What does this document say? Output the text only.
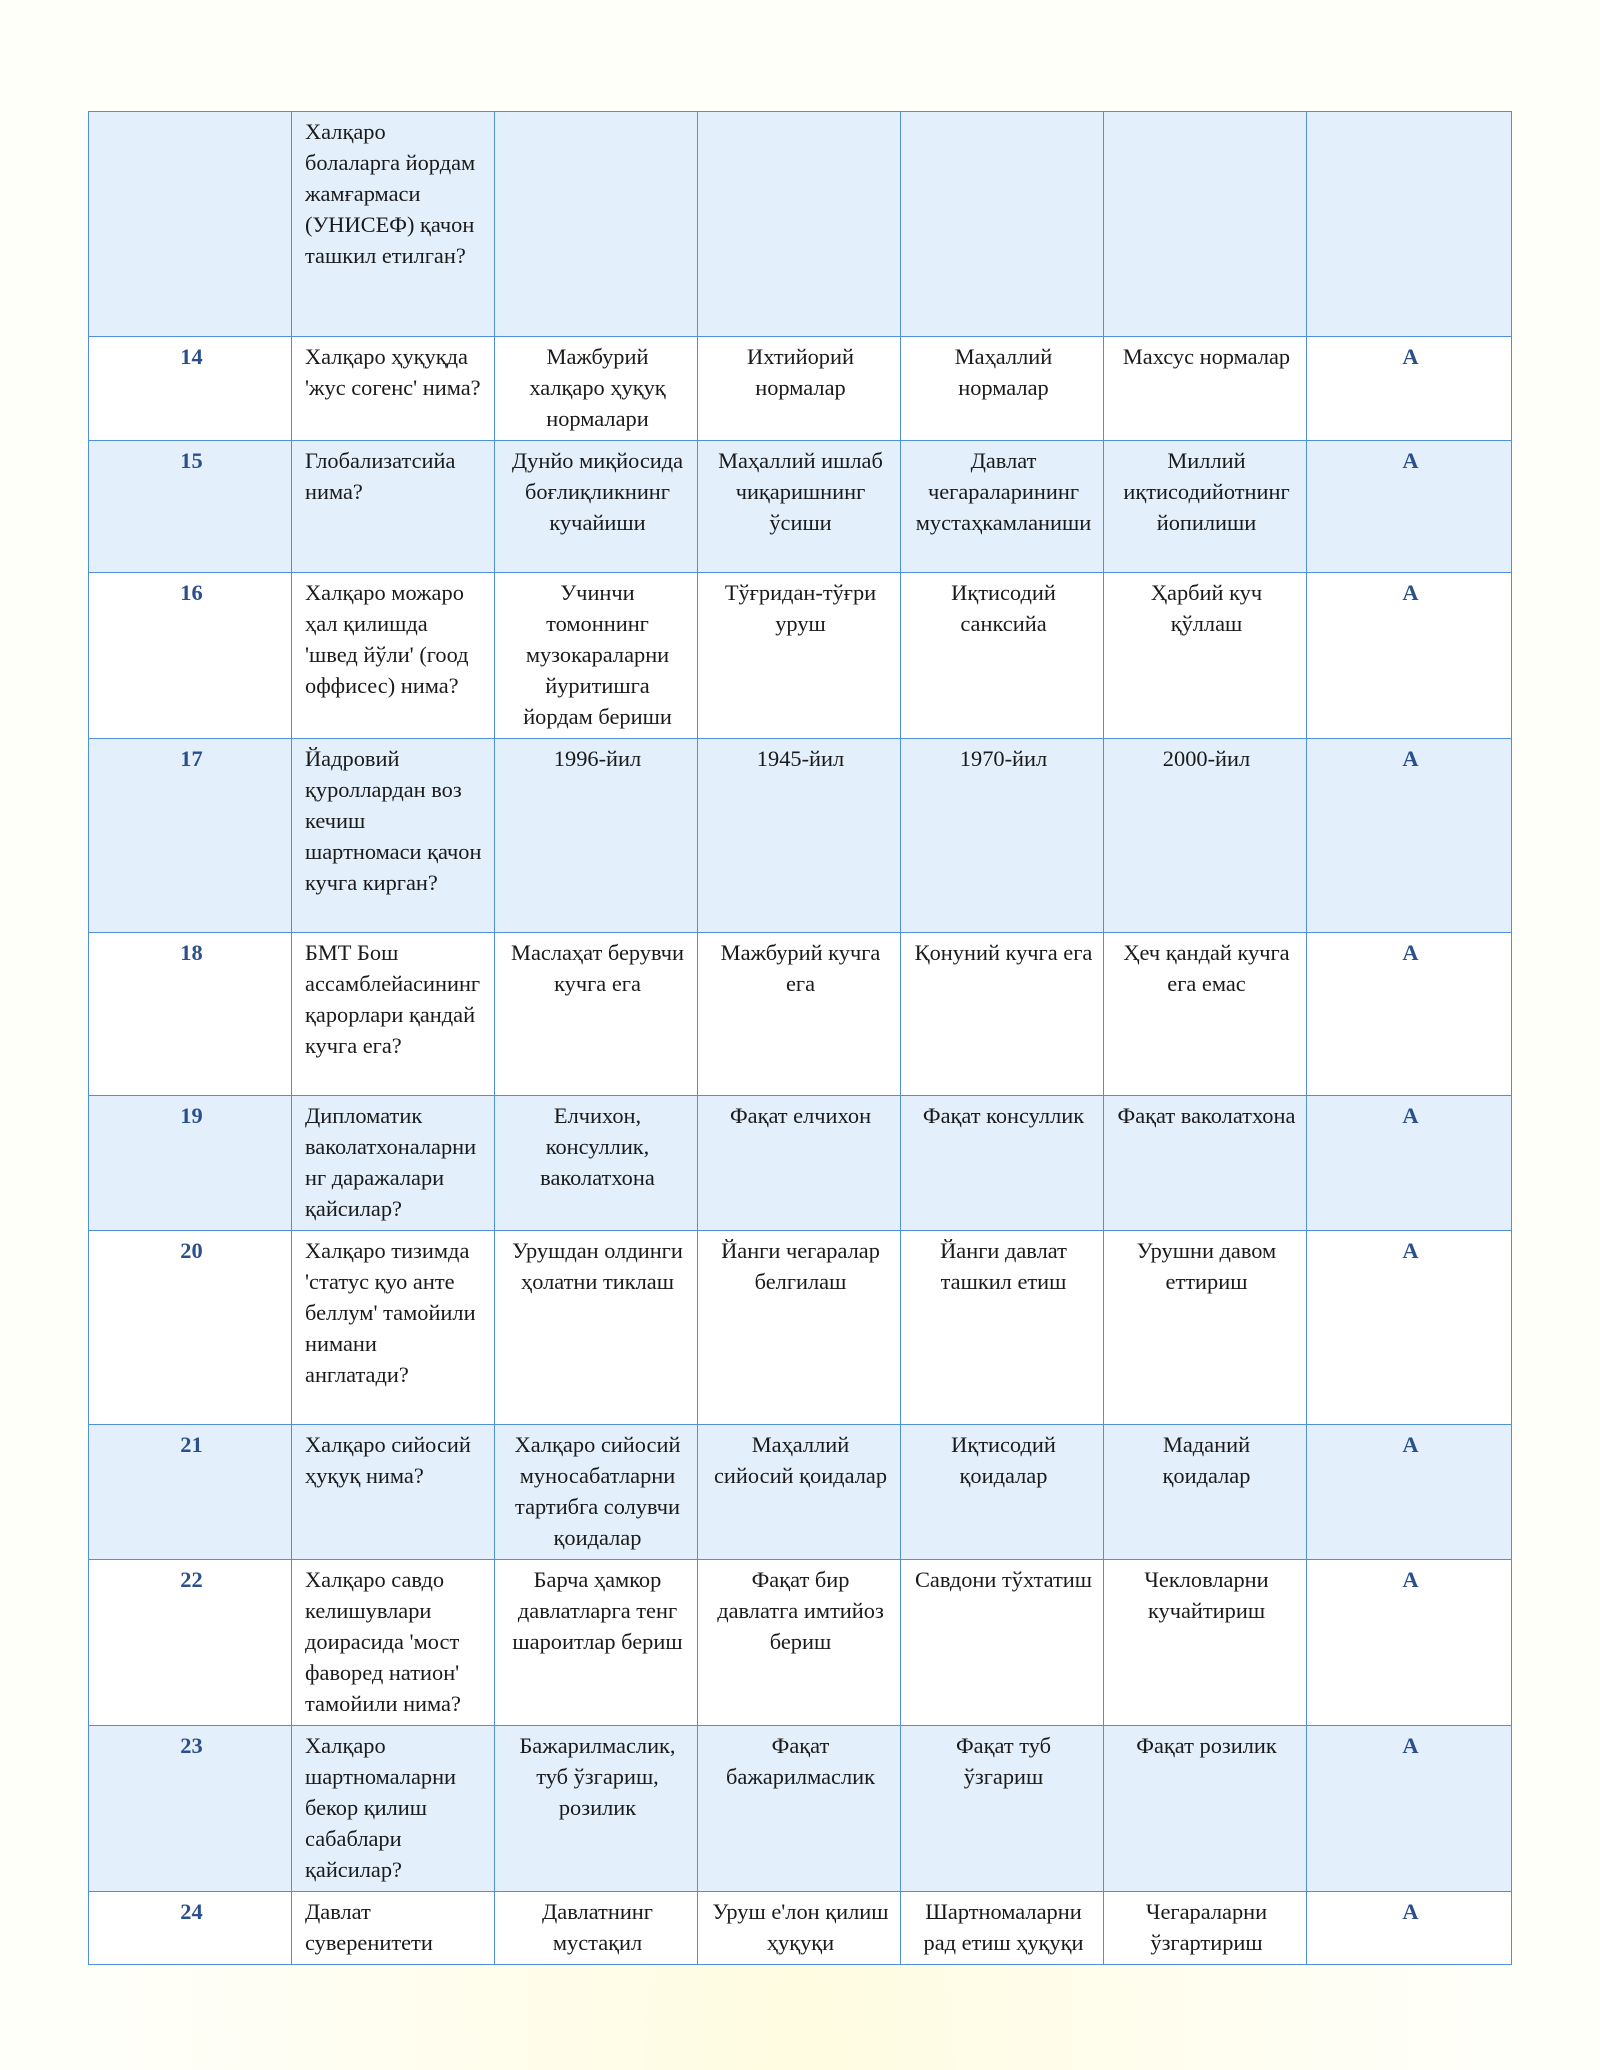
	Халқаро болаларга йордам жамғармаси (УНИСЕФ) қачон ташкил етилган?					
14	Халқаро ҳуқуқда 'жус cогенс' нима?	Мажбурий халқаро ҳуқуқ нормалари	Ихтийорий нормалар	Маҳаллий нормалар	Махсус нормалар	A
15	Глобализатсийа нима?	Дунйо миқйосида боғлиқликнинг кучайиши	Маҳаллий ишлаб чиқаришнинг ўсиши	Давлат чегараларининг мустаҳкамланиши	Миллий иқтисодийотнинг йопилиши	A
16	Халқаро можаро ҳал қилишда 'швед йўли' (гоод оффисес) нима?	Учинчи томоннинг музокараларни йуритишга йордам бериши	Тўғридан-тўғри уруш	Иқтисодий санксийа	Ҳарбий куч қўллаш	A
17	Йадровий қуроллардан воз кечиш шартномаси қачон кучга кирган?	1996-йил	1945-йил	1970-йил	2000-йил	A
18	БМТ Бош ассамблейасининг қарорлари қандай кучга ега?	Маслаҳат берувчи кучга ега	Мажбурий кучга ега	Қонуний кучга ега	Ҳеч қандай кучга ега емас	A
19	Дипломатик ваколатхоналарнинг даражалари қайсилар?	Елчихон, консуллик, ваколатхона	Фақат елчихон	Фақат консуллик	Фақат ваколатхона	A
20	Халқаро тизимда 'статус қуо анте беллум' тамойили нимани англатади?	Урушдан олдинги ҳолатни тиклаш	Йанги чегаралар белгилаш	Йанги давлат ташкил етиш	Урушни давом еттириш	A
21	Халқаро сийосий ҳуқуқ нима?	Халқаро сийосий муносабатларни тартибга солувчи қоидалар	Маҳаллий сийосий қоидалар	Иқтисодий қоидалар	Маданий қоидалар	A
22	Халқаро савдо келишувлари доирасида 'мост фаворед натион' тамойили нима?	Барча ҳамкор давлатларга тенг шароитлар бериш	Фақат бир давлатга имтийоз бериш	Савдони тўхтатиш	Чекловларни кучайтириш	A
23	Халқаро шартномаларни бекор қилиш сабаблари қайсилар?	Бажарилмаслик, туб ўзгариш, розилик	Фақат бажарилмаслик	Фақат туб ўзгариш	Фақат розилик	A
24	Давлат суверенитети	Давлатнинг мустақил	Уруш е'лон қилиш ҳуқуқи	Шартномаларни рад етиш ҳуқуқи	Чегараларни ўзгартириш	A
